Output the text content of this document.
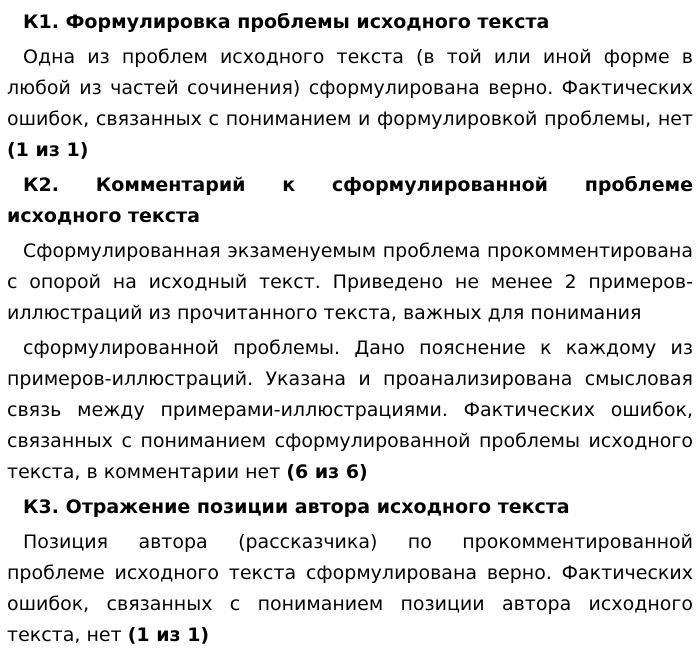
К1. Формулировка проблемы исходного текста

Одна из проблем исходного текста (в той или иной форме в любой из частей сочинения) сформулирована верно. Фактических ошибок, связанных с пониманием и формулировкой проблемы, нет (1 из 1)

К2. Комментарий к сформулированной проблеме исходного текста

Сформулированная экзаменуемым проблема прокомментирована с опорой на исходный текст. Приведено не менее 2 примеров-иллюстраций из прочитанного текста, важных для понимания

сформулированной проблемы. Дано пояснение к каждому из примеров-иллюстраций. Указана и проанализирована смысловая связь между примерами-иллюстрациями. Фактических ошибок, связанных с пониманием сформулированной проблемы исходного текста, в комментарии нет (6 из 6)

К3. Отражение позиции автора исходного текста

Позиция автора (рассказчика) по прокомментированной проблеме исходного текста сформулирована верно. Фактических ошибок, связанных с пониманием позиции автора исходного текста, нет (1 из 1)
